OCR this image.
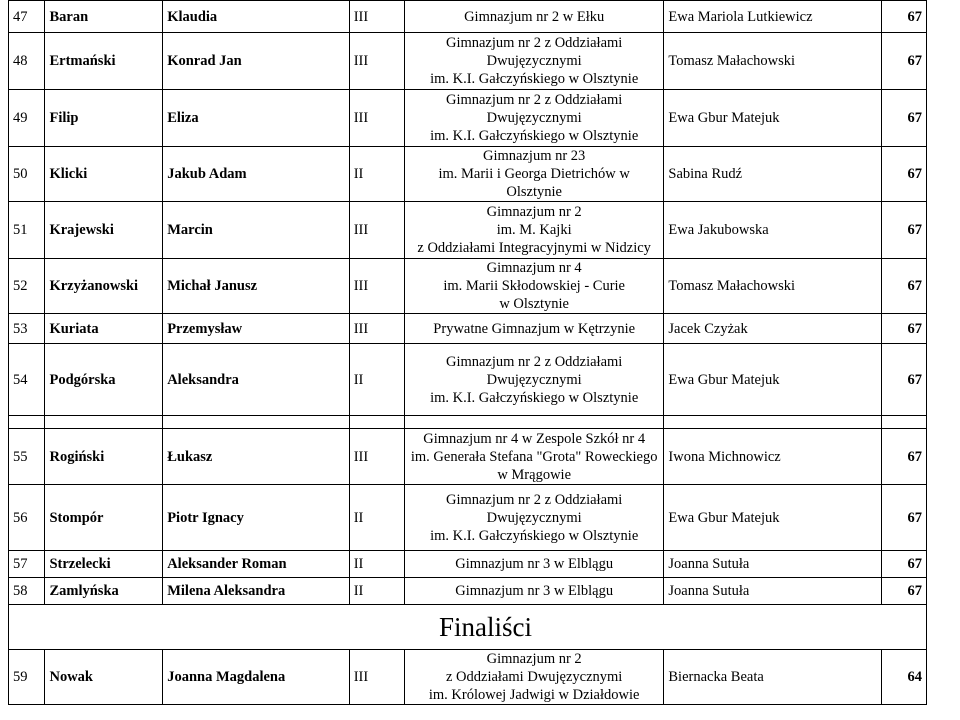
47	Baran	Klaudia	III	Gimnazjum nr 2 w Ełku	Ewa Mariola Lutkiewicz	67
48	Ertmański	Konrad Jan	III	Gimnazjum nr 2 z Oddziałami
Dwujęzycznymi
im. K.I. Gałczyńskiego w Olsztynie	Tomasz Małachowski	67
49	Filip	Eliza	III	Gimnazjum nr 2 z Oddziałami
Dwujęzycznymi
im. K.I. Gałczyńskiego w Olsztynie	Ewa Gbur Matejuk	67
50	Klicki	Jakub Adam	II	Gimnazjum nr 23
im. Marii i Georga Dietrichów w Olsztynie	Sabina Rudź	67
51	Krajewski	Marcin	III	Gimnazjum nr 2
im. M. Kajki
z Oddziałami Integracyjnymi w Nidzicy	Ewa Jakubowska	67
52	Krzyżanowski	Michał Janusz	III	Gimnazjum nr 4
im. Marii Skłodowskiej - Curie
w Olsztynie	Tomasz Małachowski	67
53	Kuriata	Przemysław	III	Prywatne Gimnazjum w Kętrzynie	Jacek Czyżak	67
54	Podgórska	Aleksandra	II	Gimnazjum nr 2 z Oddziałami
Dwujęzycznymi
im. K.I. Gałczyńskiego w Olsztynie	Ewa Gbur Matejuk	67

55	Rogiński	Łukasz	III	Gimnazjum nr 4 w Zespole Szkół nr 4
im. Generała Stefana "Grota" Roweckiego
w Mrągowie	Iwona Michnowicz	67
56	Stompór	Piotr Ignacy	II	Gimnazjum nr 2 z Oddziałami
Dwujęzycznymi
im. K.I. Gałczyńskiego w Olsztynie	Ewa Gbur Matejuk	67
57	Strzelecki	Aleksander Roman	II	Gimnazjum nr 3 w Elblągu	Joanna Sutuła	67
58	Zamlyńska	Milena Aleksandra	II	Gimnazjum nr 3 w Elblągu	Joanna Sutuła	67
Finaliści						
59	Nowak	Joanna Magdalena	III	Gimnazjum nr 2
z Oddziałami Dwujęzycznymi
im. Królowej Jadwigi w Działdowie	Biernacka Beata	64
